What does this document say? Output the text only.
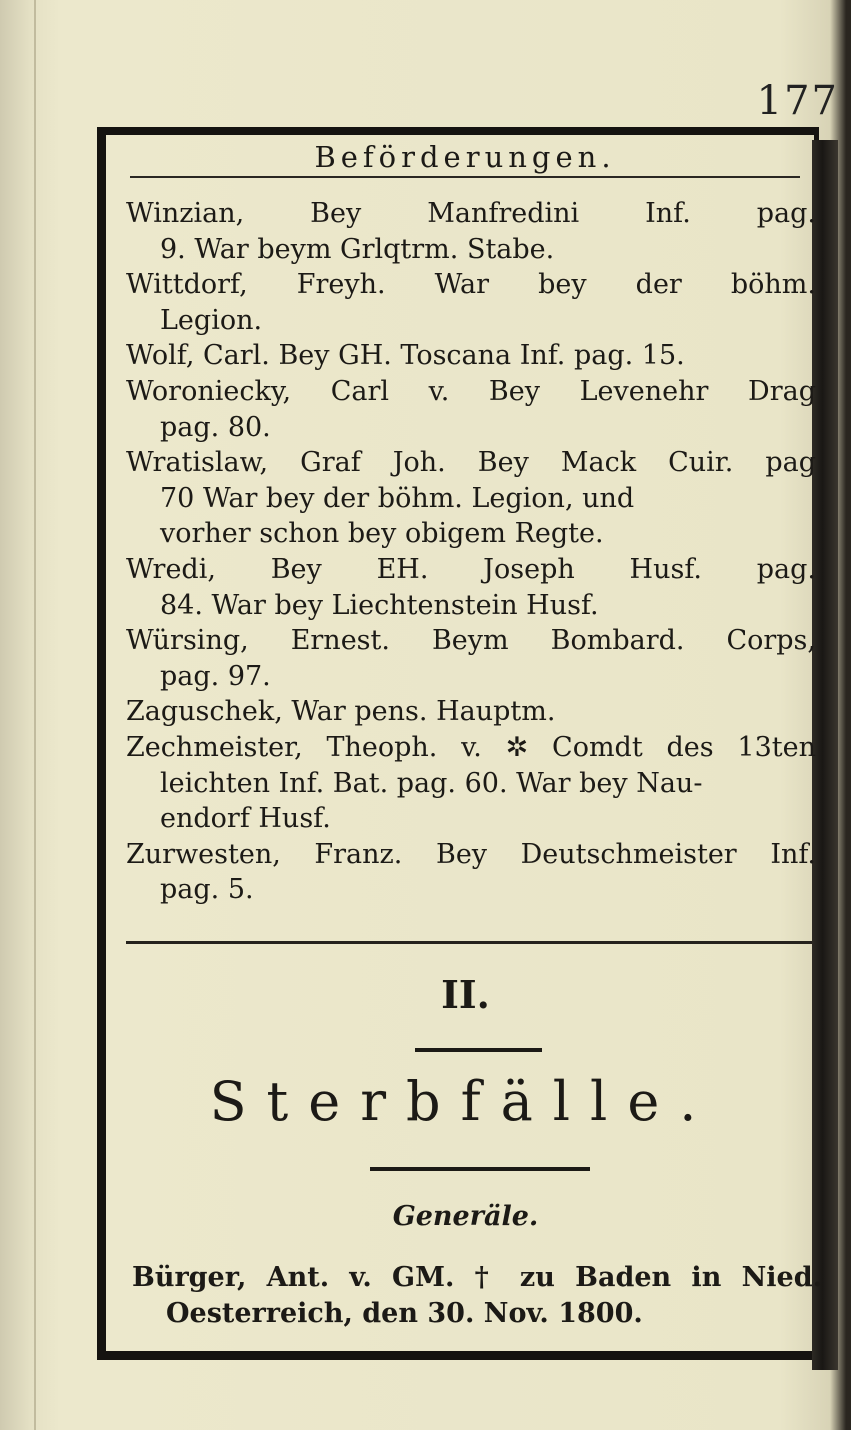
177
Beförderungen.
Winzian, Bey Manfredini Inf. pag.
9. War beym Grlqtrm. Stabe.
Wittdorf, Freyh. War bey der böhm.
Legion.
Wolf, Carl. Bey GH. Toscana Inf. pag. 15.
Woroniecky, Carl v. Bey Levenehr Drag
pag. 80.
Wratislaw, Graf Joh. Bey Mack Cuir. pag
70 War bey der böhm. Legion, und
vorher schon bey obigem Regte.
Wredi, Bey EH. Joseph Husf. pag.
84. War bey Liechtenstein Husf.
Würsing, Ernest. Beym Bombard. Corps,
pag. 97.
Zaguschek, War pens. Hauptm.
Zechmeister, Theoph. v. ✲ Comdt des 13ten
leichten Inf. Bat. pag. 60. War bey Nau-
endorf Husf.
Zurwesten, Franz. Bey Deutschmeister Inf.
pag. 5.
II.
Sterbfälle.
Generäle.
Bürger, Ant. v. GM. † zu Baden in Nied.
Oesterreich, den 30. Nov. 1800.
